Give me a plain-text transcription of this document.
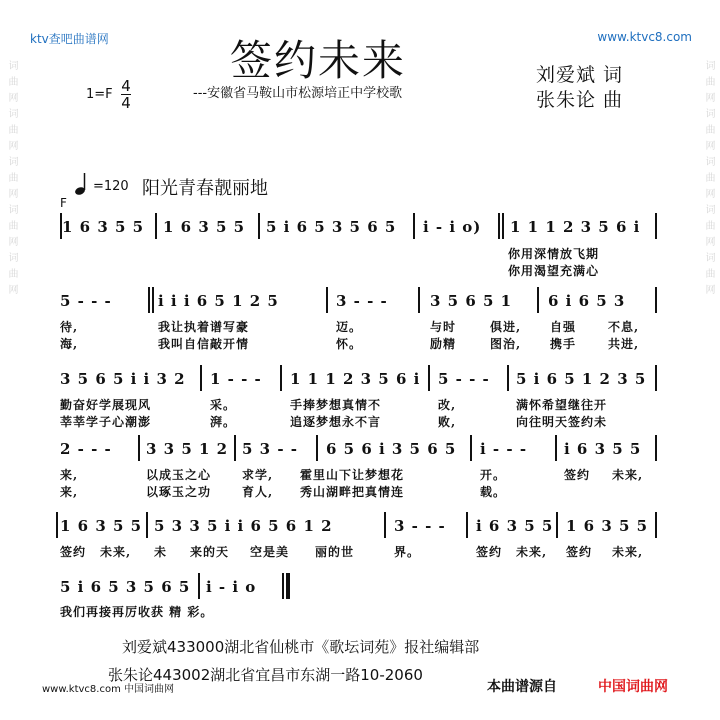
词曲网词曲网词曲网词曲网词曲网	词曲网词曲网词曲网词曲网词曲网
ktv查吧曲谱网	www.ktvc8.com
签约未来
---安徽省马鞍山市松源培正中学校歌
刘爱斌 词
张朱论 曲
1=F 4
4
=120 阳光青春靓丽地
F
1 6 3 5 5 1 6 3 5 5 5 i 6 5 3 5 6 5 i - i o) 1 1 1 2 3 5 6 i
你用深情放飞期
你用渴望充满心
5 - - -	i i i 6 5 1 2 5	3 - - -	3 5 6 5 1 6 i 6 5 3
待,	我让执着谱写豪	迈。	与时	俱进, 自强	不息,
海,	我叫自信敲开情	怀。	励精	图治, 携手	共进,
3 5 6 5 i i 3 2 1 - - - 1 1 1 2 3 5 6 i 5 - - - 5 i 6 5 1 2 3 5
勤奋好学展现风	采。	手捧梦想真情不	改,	满怀希望继往开
莘莘学子心潮澎	湃。	追逐梦想永不言	败,	向往明天签约未
2 - - - 3 3 5 1 2 5 3 - - 6 5 6 i 3 5 6 5 i - - - i 6 3 5 5
来,	以成玉之心	求学, 霍里山下让梦想花	开。	签约 未来,
来,	以琢玉之功	育人, 秀山湖畔把真情连	载。
1 6 3 5 5 5 3 3 5 i i 6 5 6 1 2	3 - - - i 6 3 5 5 1 6 3 5 5
签约 未来, 未 来的天 空是美 丽的世	界。	签约 未来, 签约 未来,
5 i 6 5 3 5 6 5 i - i o
我们再接再厉收获 精 彩。
刘爱斌433000湖北省仙桃市《歌坛词苑》报社编辑部
张朱论443002湖北省宜昌市东湖一路10-2060
www.ktvc8.com 中国词曲网	本曲谱源自	中国词曲网
